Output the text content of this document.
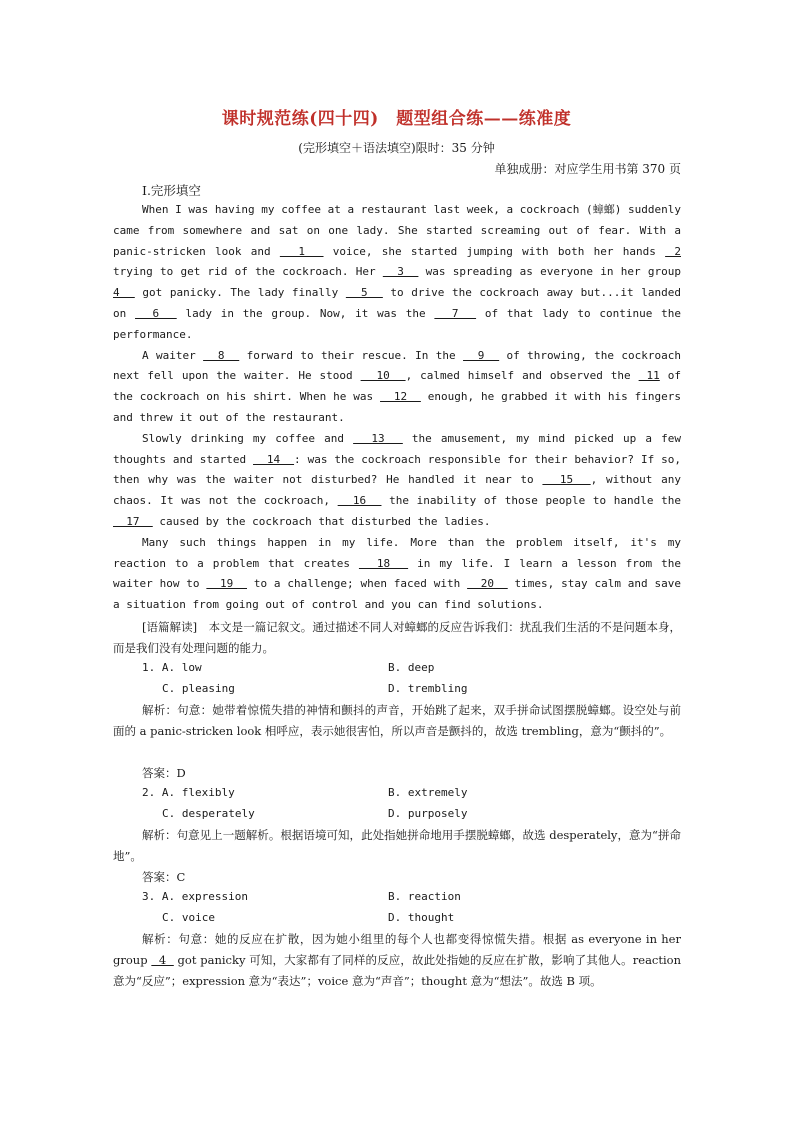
课时规范练(四十四)　题型组合练——练准度
(完形填空＋语法填空)限时：35 分钟
单独成册：对应学生用书第 370 页
Ⅰ.完形填空

When I was having my coffee at a restaurant last week, a cockroach (蟑螂) suddenly came from somewhere and sat on one lady. She started screaming out of fear. With a panic-stricken look and   1   voice, she started jumping with both her hands  2 trying to get rid of the cockroach. Her   3   was spreading as everyone in her group 4   got panicky. The lady finally   5   to drive the cockroach away but...it landed on   6   lady in the group. Now, it was the   7   of that lady to continue the performance.

A waiter   8   forward to their rescue. In the   9   of throwing, the cockroach next fell upon the waiter. He stood   10  , calmed himself and observed the  11 of the cockroach on his shirt. When he was   12   enough, he grabbed it with his fingers and threw it out of the restaurant.

Slowly drinking my coffee and   13   the amusement, my mind picked up a few thoughts and started   14  : was the cockroach responsible for their behavior? If so, then why was the waiter not disturbed? He handled it near to   15  , without any chaos. It was not the cockroach,   16   the inability of those people to handle the   17   caused by the cockroach that disturbed the ladies.

Many such things happen in my life. More than the problem itself, it's my reaction to a problem that creates   18   in my life. I learn a lesson from the waiter how to   19   to a challenge; when faced with   20   times, stay calm and save a situation from going out of control and you can find solutions.

[语篇解读]　本文是一篇记叙文。通过描述不同人对蟑螂的反应告诉我们：扰乱我们生活的不是问题本身，而是我们没有处理问题的能力。

1. A. low	B. deep
C. pleasing	D. trembling

解析：句意：她带着惊慌失措的神情和颤抖的声音，开始跳了起来，双手拼命试图摆脱蟑螂。设空处与前面的 a panic-stricken look 相呼应，表示她很害怕，所以声音是颤抖的，故选 trembling，意为“颤抖的”。

答案：D
2. A. flexibly	B. extremely
C. desperately	D. purposely

解析：句意见上一题解析。根据语境可知，此处指她拼命地用手摆脱蟑螂，故选 desperately，意为“拼命地”。

答案：C
3. A. expression	B. reaction
C. voice	D. thought

解析：句意：她的反应在扩散，因为她小组里的每个人也都变得惊慌失措。根据 as everyone in her group   4   got panicky 可知，大家都有了同样的反应，故此处指她的反应在扩散，影响了其他人。reaction 意为“反应”；expression 意为“表达”；voice 意为“声音”；thought 意为“想法”。故选 B 项。
